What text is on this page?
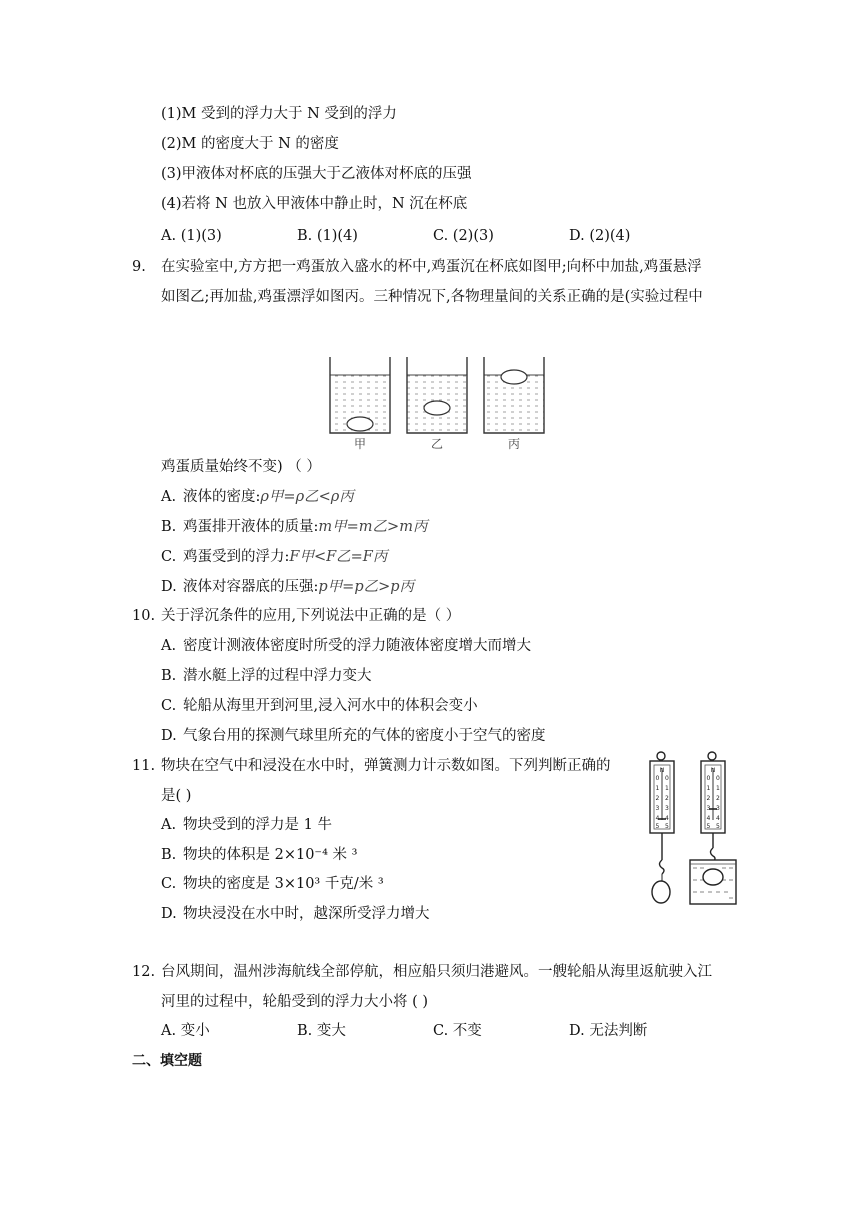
(1)M 受到的浮力大于 N 受到的浮力
(2)M 的密度大于 N 的密度
(3)甲液体对杯底的压强大于乙液体对杯底的压强
(4)若将 N 也放入甲液体中静止时，N 沉在杯底
A. (1)(3)	B. (1)(4)	C. (2)(3)	D. (2)(4)
9. 在实验室中,方方把一鸡蛋放入盛水的杯中,鸡蛋沉在杯底如图甲;向杯中加盐,鸡蛋悬浮
如图乙;再加盐,鸡蛋漂浮如图丙。三种情况下,各物理量间的关系正确的是(实验过程中
甲	乙	丙
鸡蛋质量始终不变) （ ）
A. 液体的密度:ρ甲=ρ乙<ρ丙
B. 鸡蛋排开液体的质量:m甲=m乙>m丙
C. 鸡蛋受到的浮力:F甲<F乙=F丙
D. 液体对容器底的压强:p甲=p乙>p丙
10. 关于浮沉条件的应用,下列说法中正确的是（ ）
A. 密度计测液体密度时所受的浮力随液体密度增大而增大
B. 潜水艇上浮的过程中浮力变大
C. 轮船从海里开到河里,浸入河水中的体积会变小
D. 气象台用的探测气球里所充的气体的密度小于空气的密度
11. 物块在空气中和浸没在水中时，弹簧测力计示数如图。下列判断正确的
是( )
A. 物块受到的浮力是 1 牛
B. 物块的体积是 2×10⁻⁴ 米 ³
C. 物块的密度是 3×10³ 千克/米 ³
D. 物块浸没在水中时，越深所受浮力增大
N
0 0
1 1
2 2
3 3
4 4
5 5
N
0 0
1 1
2 2
3 3
4 4
5 5
12. 台风期间，温州涉海航线全部停航，相应船只须归港避风。一艘轮船从海里返航驶入江
河里的过程中，轮船受到的浮力大小将 ( )
A. 变小	B. 变大	C. 不变	D. 无法判断
二、填空题
